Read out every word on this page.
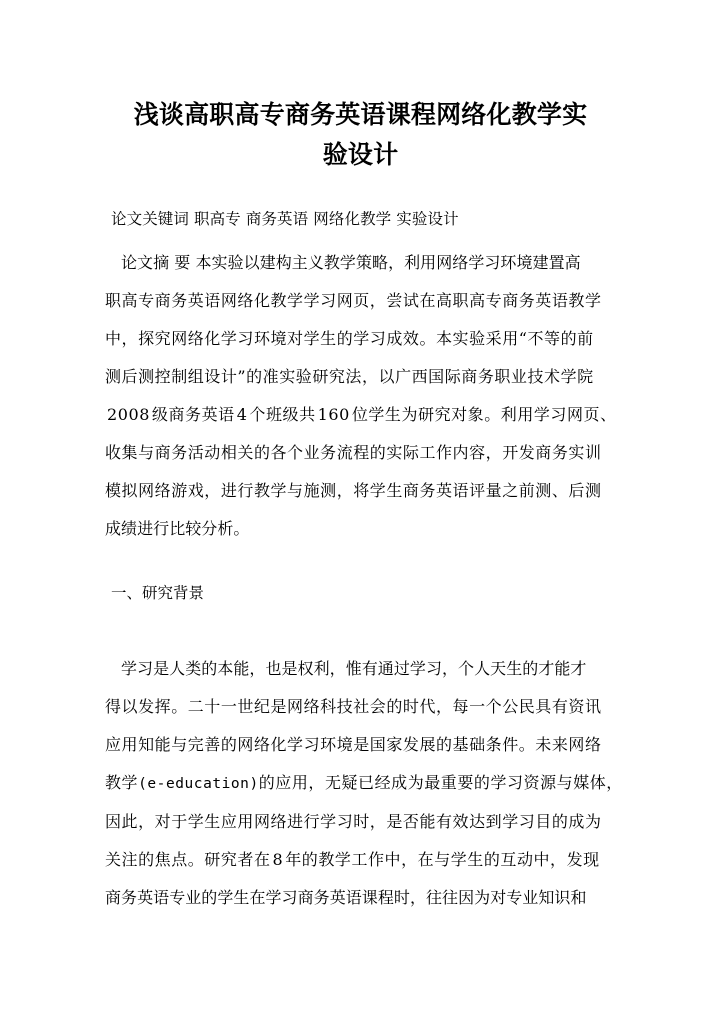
浅谈高职高专商务英语课程网络化教学实
验设计
论文关键词 职高专 商务英语 网络化教学 实验设计
论文摘 要 本实验以建构主义教学策略，利用网络学习环境建置高
职高专商务英语网络化教学学习网页，尝试在高职高专商务英语教学
中，探究网络化学习环境对学生的学习成效。本实验采用“不等的前
测后测控制组设计”的准实验研究法，以广西国际商务职业技术学院
2008 级商务英语 4 个班级共 160 位学生为研究对象。利用学习网页、
收集与商务活动相关的各个业务流程的实际工作内容，开发商务实训
模拟网络游戏，进行教学与施测，将学生商务英语评量之前测、后测
成绩进行比较分析。
一、研究背景
学习是人类的本能，也是权利，惟有通过学习，个人天生的才能才
得以发挥。二十一世纪是网络科技社会的时代，每一个公民具有资讯
应用知能与完善的网络化学习环境是国家发展的基础条件。未来网络
教学(e-education)的应用，无疑已经成为最重要的学习资源与媒体，
因此，对于学生应用网络进行学习时，是否能有效达到学习目的成为
关注的焦点。研究者在 8 年的教学工作中，在与学生的互动中，发现
商务英语专业的学生在学习商务英语课程时，往往因为对专业知识和
